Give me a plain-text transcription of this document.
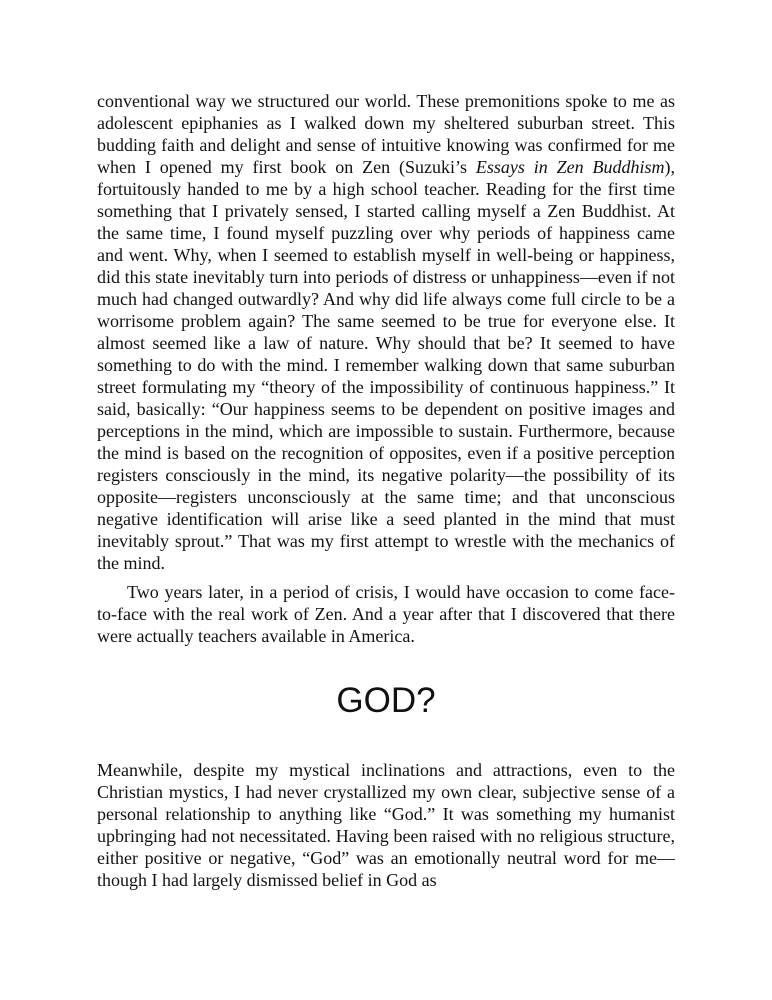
conventional way we structured our world. These premonitions spoke to me as adolescent epiphanies as I walked down my sheltered suburban street. This budding faith and delight and sense of intuitive knowing was confirmed for me when I opened my first book on Zen (Suzuki’s Essays in Zen Buddhism), fortuitously handed to me by a high school teacher. Reading for the first time something that I privately sensed, I started calling myself a Zen Buddhist. At the same time, I found myself puzzling over why periods of happiness came and went. Why, when I seemed to establish myself in well-being or happiness, did this state inevitably turn into periods of distress or unhappiness—even if not much had changed outwardly? And why did life always come full circle to be a worrisome problem again? The same seemed to be true for everyone else. It almost seemed like a law of nature. Why should that be? It seemed to have something to do with the mind. I remember walking down that same suburban street formulating my “theory of the impossibility of continuous happiness.” It said, basically: “Our happiness seems to be dependent on positive images and perceptions in the mind, which are impossible to sustain. Furthermore, because the mind is based on the recognition of opposites, even if a positive perception registers consciously in the mind, its negative polarity—the possibility of its opposite—registers unconsciously at the same time; and that unconscious negative identification will arise like a seed planted in the mind that must inevitably sprout.” That was my first attempt to wrestle with the mechanics of the mind.

Two years later, in a period of crisis, I would have occasion to come face-to-face with the real work of Zen. And a year after that I discovered that there were actually teachers available in America.

GOD?

Meanwhile, despite my mystical inclinations and attractions, even to the Christian mystics, I had never crystallized my own clear, subjective sense of a personal relationship to anything like “God.” It was something my humanist upbringing had not necessitated. Having been raised with no religious structure, either positive or negative, “God” was an emotionally neutral word for me—though I had largely dismissed belief in God as
